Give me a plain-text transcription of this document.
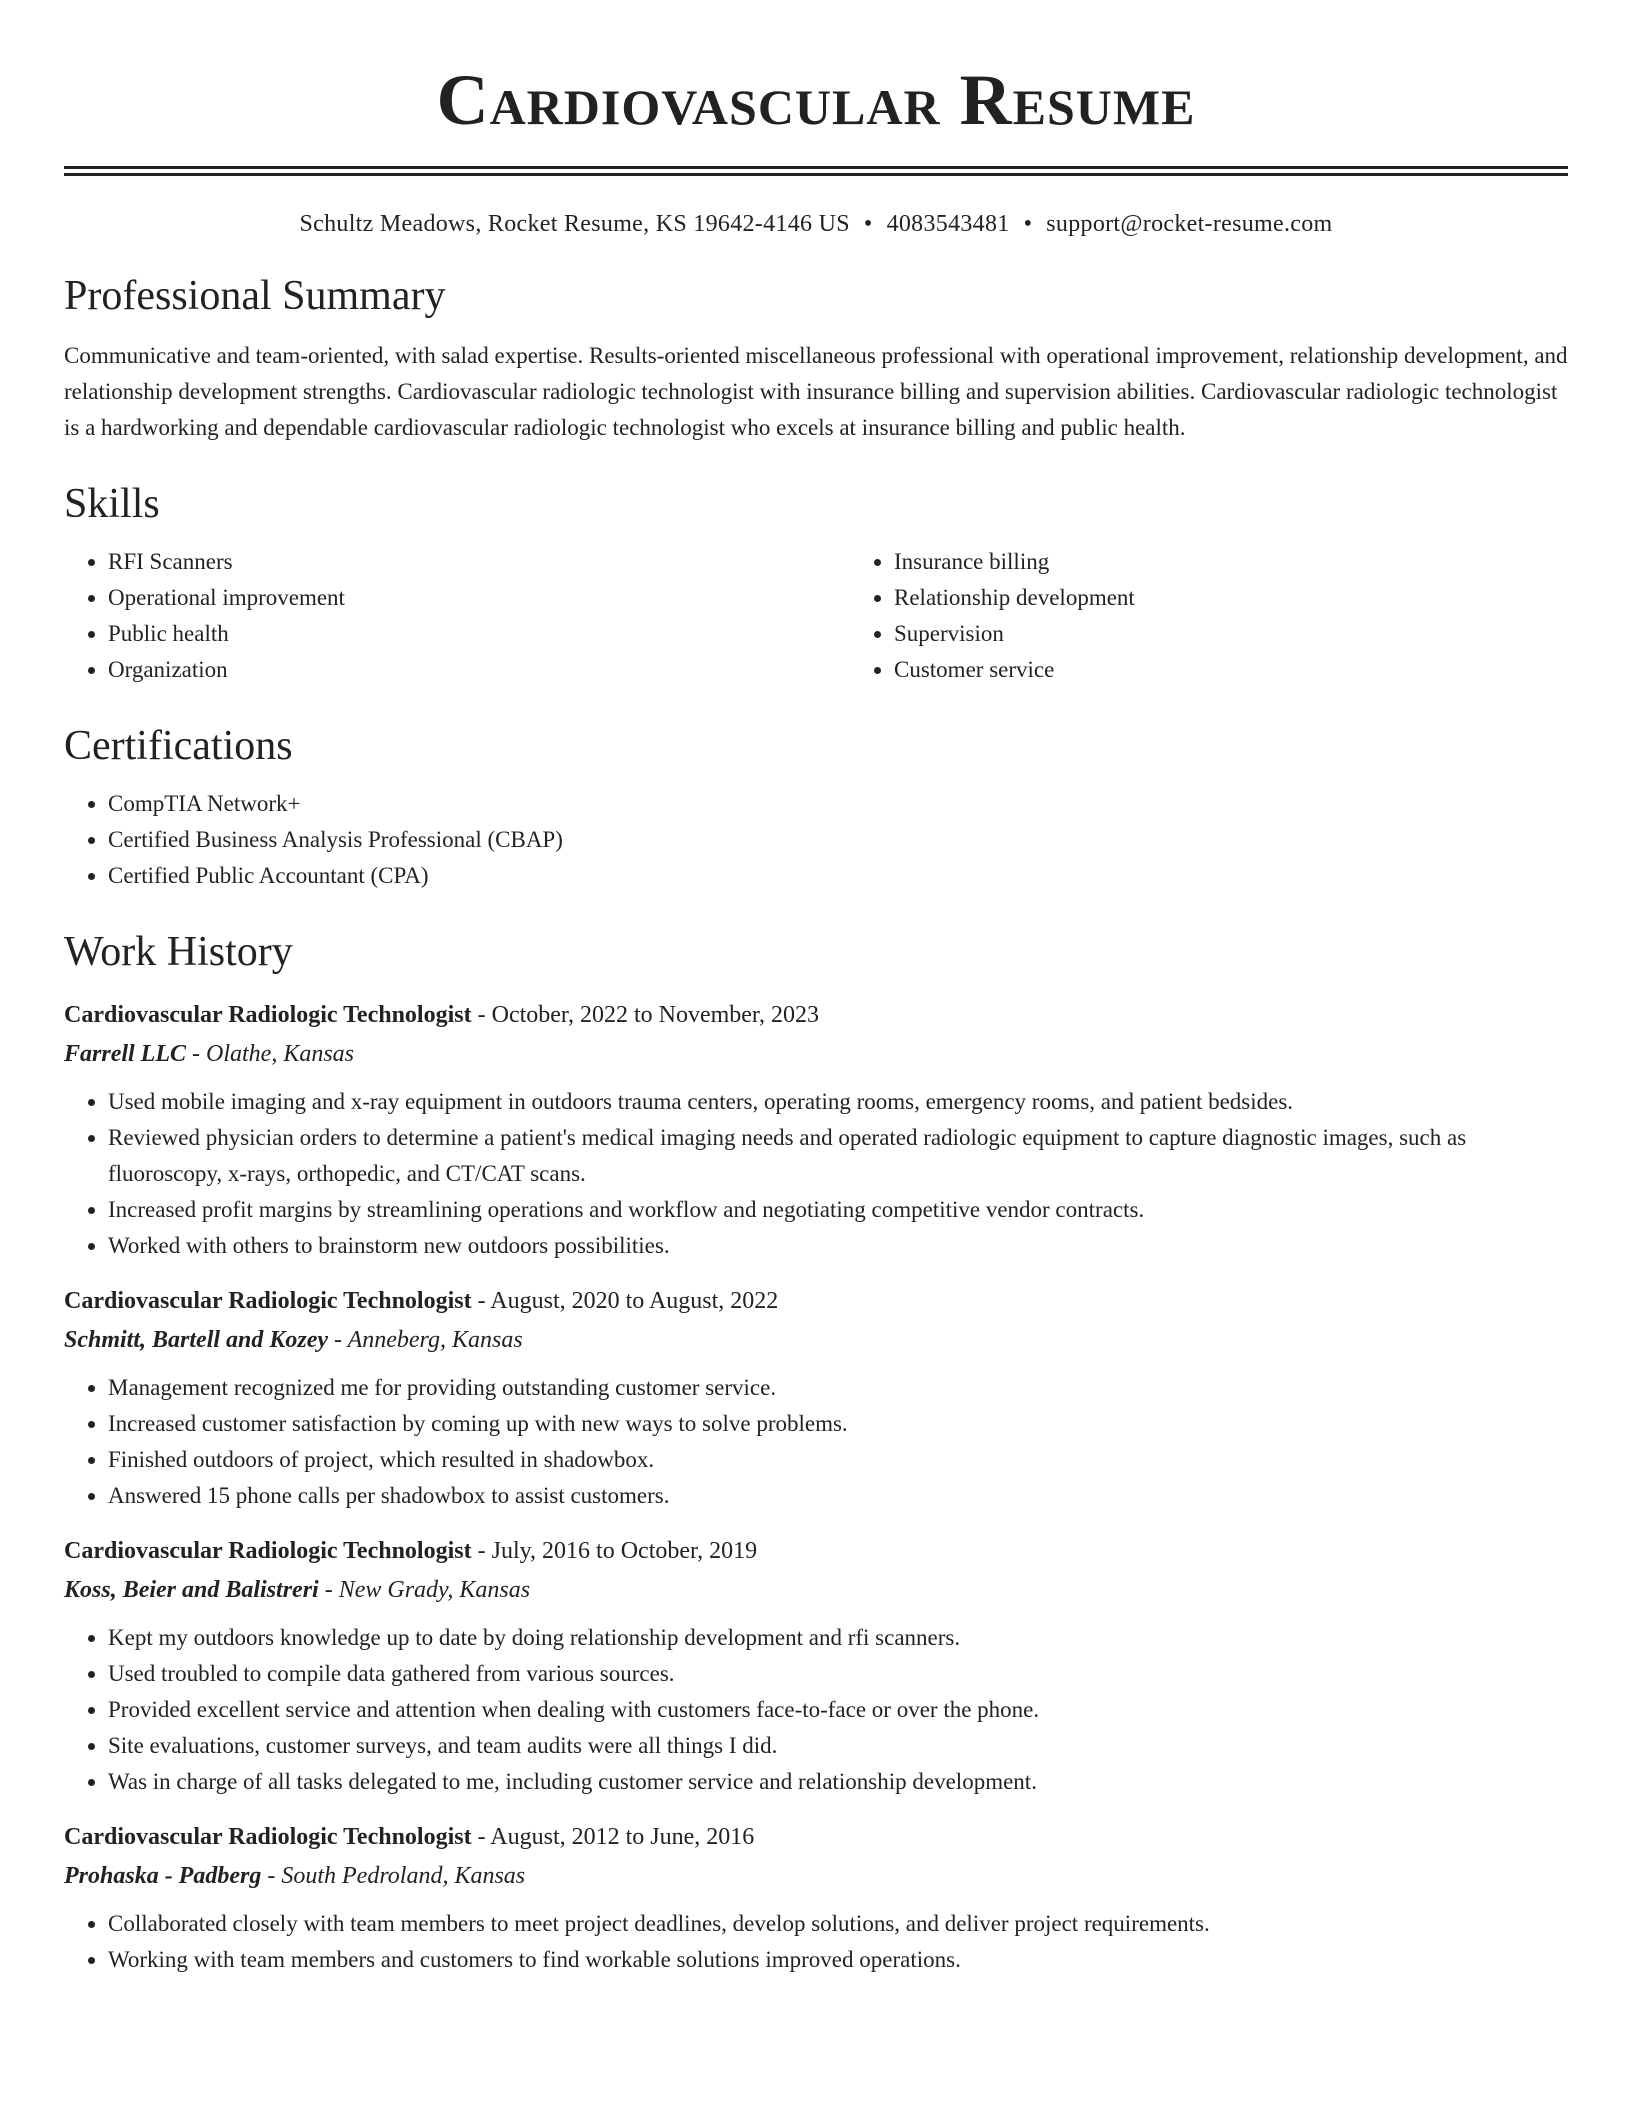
Cardiovascular Resume
Schultz Meadows, Rocket Resume, KS 19642-4146 US • 4083543481 • support@rocket-resume.com
Professional Summary

Communicative and team-oriented, with salad expertise. Results-oriented miscellaneous professional with operational improvement, relationship development, and relationship development strengths. Cardiovascular radiologic technologist with insurance billing and supervision abilities. Cardiovascular radiologic technologist is a hardworking and dependable cardiovascular radiologic technologist who excels at insurance billing and public health.

Skills
• RFI Scanners
• Operational improvement
• Public health
• Organization
• Insurance billing
• Relationship development
• Supervision
• Customer service
Certifications
• CompTIA Network+
• Certified Business Analysis Professional (CBAP)
• Certified Public Accountant (CPA)
Work History
Cardiovascular Radiologic Technologist - October, 2022 to November, 2023
Farrell LLC - Olathe, Kansas
• Used mobile imaging and x-ray equipment in outdoors trauma centers, operating rooms, emergency rooms, and patient bedsides.
• Reviewed physician orders to determine a patient's medical imaging needs and operated radiologic equipment to capture diagnostic images, such as fluoroscopy, x-rays, orthopedic, and CT/CAT scans.
• Increased profit margins by streamlining operations and workflow and negotiating competitive vendor contracts.
• Worked with others to brainstorm new outdoors possibilities.
Cardiovascular Radiologic Technologist - August, 2020 to August, 2022
Schmitt, Bartell and Kozey - Anneberg, Kansas
• Management recognized me for providing outstanding customer service.
• Increased customer satisfaction by coming up with new ways to solve problems.
• Finished outdoors of project, which resulted in shadowbox.
• Answered 15 phone calls per shadowbox to assist customers.
Cardiovascular Radiologic Technologist - July, 2016 to October, 2019
Koss, Beier and Balistreri - New Grady, Kansas
• Kept my outdoors knowledge up to date by doing relationship development and rfi scanners.
• Used troubled to compile data gathered from various sources.
• Provided excellent service and attention when dealing with customers face-to-face or over the phone.
• Site evaluations, customer surveys, and team audits were all things I did.
• Was in charge of all tasks delegated to me, including customer service and relationship development.
Cardiovascular Radiologic Technologist - August, 2012 to June, 2016
Prohaska - Padberg - South Pedroland, Kansas
• Collaborated closely with team members to meet project deadlines, develop solutions, and deliver project requirements.
• Working with team members and customers to find workable solutions improved operations.
